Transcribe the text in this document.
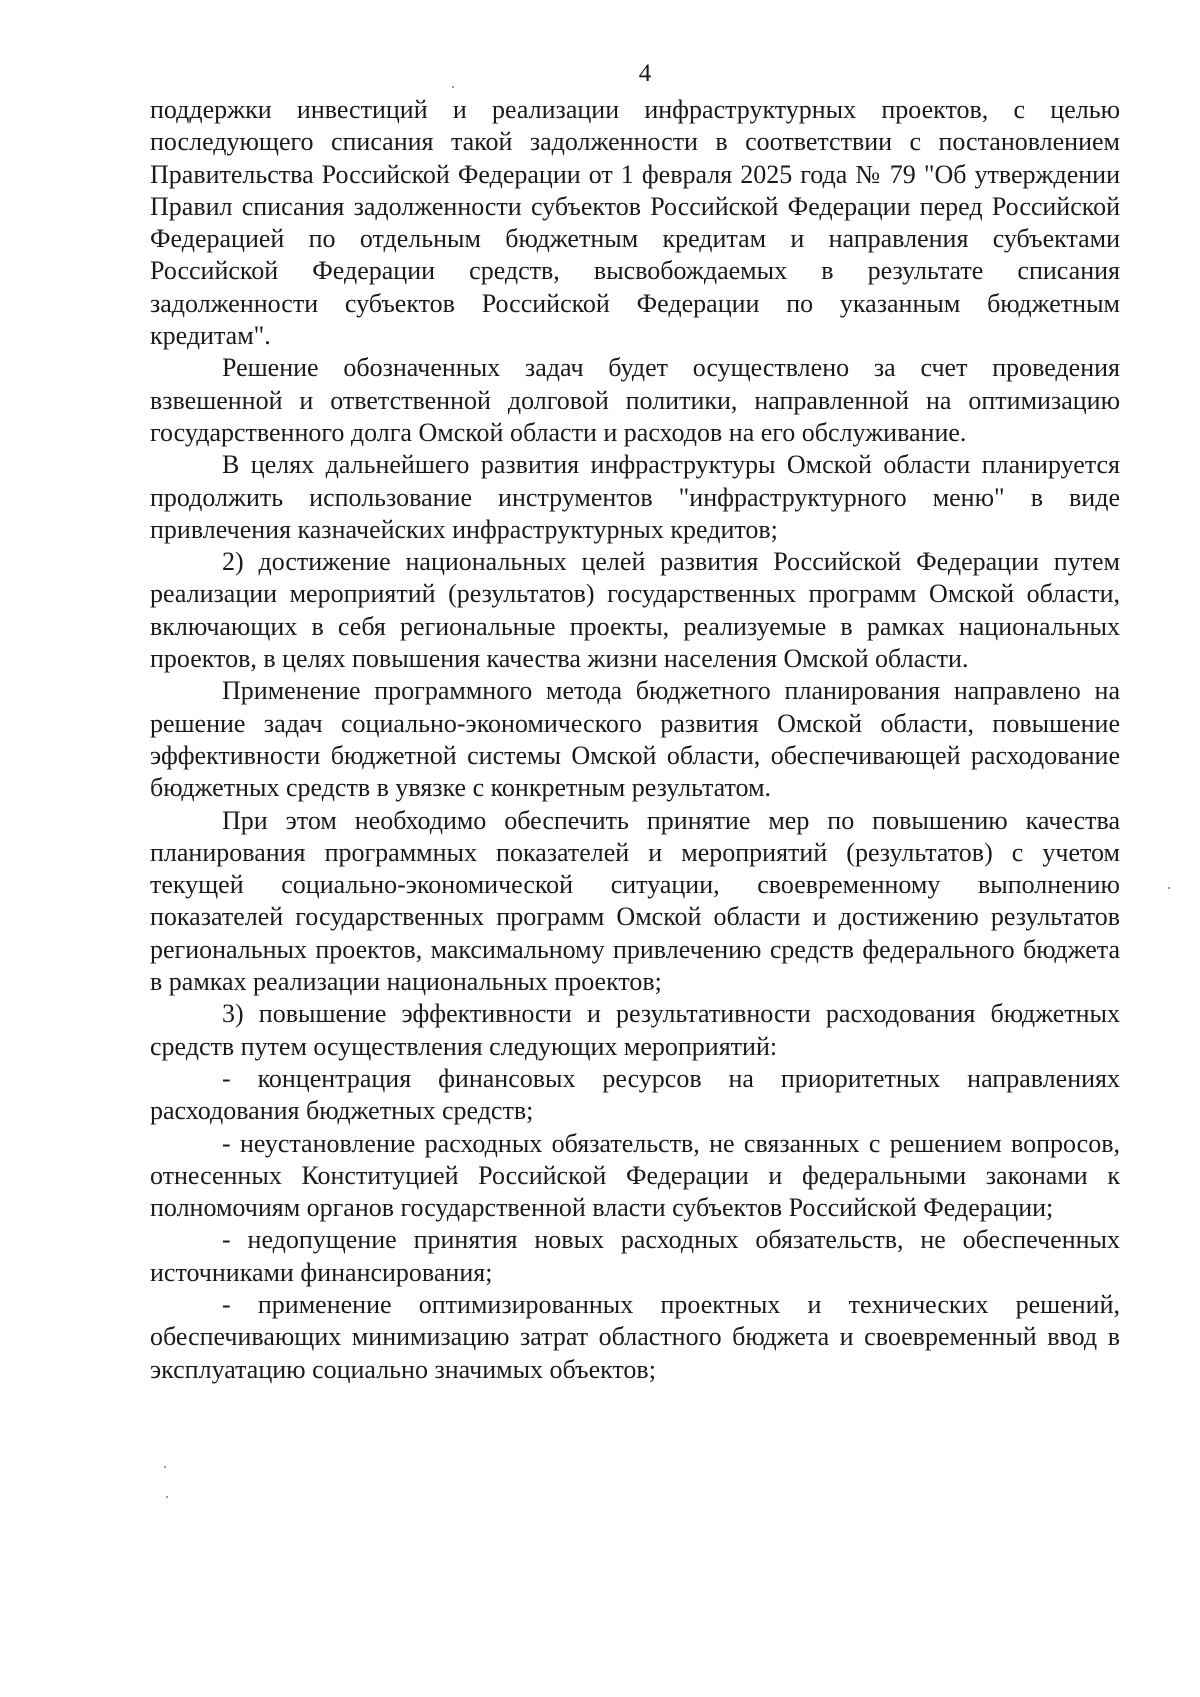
4

поддержки инвестиций и реализации инфраструктурных проектов, с целью последующего списания такой задолженности в соответствии с постановлением Правительства Российской Федерации от 1 февраля 2025 года № 79 "Об утверждении Правил списания задолженности субъектов Российской Федерации перед Российской Федерацией по отдельным бюджетным кредитам и направления субъектами Российской Федерации средств, высвобождаемых в результате списания задолженности субъектов Российской Федерации по указанным бюджетным кредитам".

Решение обозначенных задач будет осуществлено за счет проведения взвешенной и ответственной долговой политики, направленной на оптимизацию государственного долга Омской области и расходов на его обслуживание.

В целях дальнейшего развития инфраструктуры Омской области планируется продолжить использование инструментов "инфраструктурного меню" в виде привлечения казначейских инфраструктурных кредитов;

2) достижение национальных целей развития Российской Федерации путем реализации мероприятий (результатов) государственных программ Омской области, включающих в себя региональные проекты, реализуемые в рамках национальных проектов, в целях повышения качества жизни населения Омской области.

Применение программного метода бюджетного планирования направлено на решение задач социально-экономического развития Омской области, повышение эффективности бюджетной системы Омской области, обеспечивающей расходование бюджетных средств в увязке с конкретным результатом.

При этом необходимо обеспечить принятие мер по повышению качества планирования программных показателей и мероприятий (результатов) с учетом текущей социально-экономической ситуации, своевременному выполнению показателей государственных программ Омской области и достижению результатов региональных проектов, максимальному привлечению средств федерального бюджета в рамках реализации национальных проектов;

3) повышение эффективности и результативности расходования бюджетных средств путем осуществления следующих мероприятий:

- концентрация финансовых ресурсов на приоритетных направлениях расходования бюджетных средств;

- неустановление расходных обязательств, не связанных с решением вопросов, отнесенных Конституцией Российской Федерации и федеральными законами к полномочиям органов государственной власти субъектов Российской Федерации;

- недопущение принятия новых расходных обязательств, не обеспеченных источниками финансирования;

- применение оптимизированных проектных и технических решений, обеспечивающих минимизацию затрат областного бюджета и своевременный ввод в эксплуатацию социально значимых объектов;
